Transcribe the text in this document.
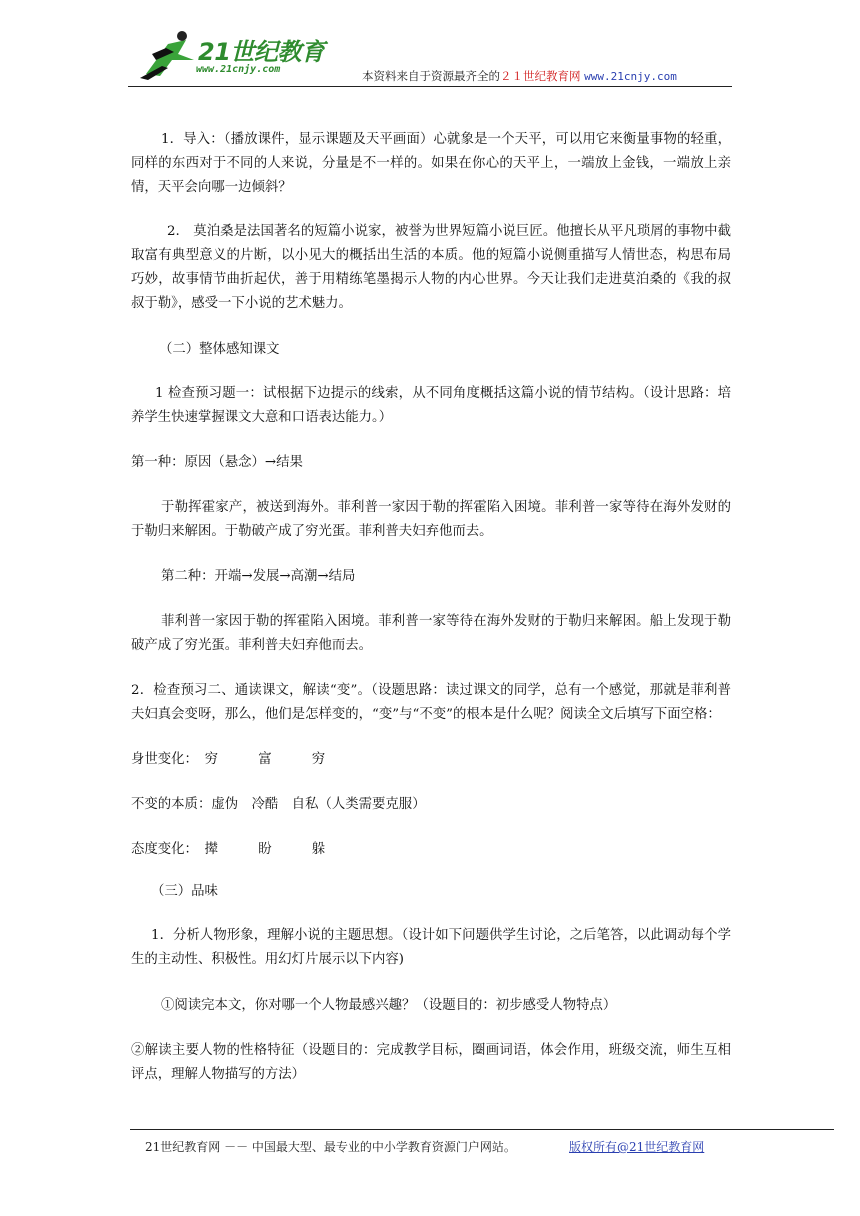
21世纪教育
www.21cnjy.com	本资料来自于资源最齐全的２１世纪教育网 www.21cnjy.com

1．导入：（播放课件，显示课题及天平画面）心就象是一个天平，可以用它来衡量事物的轻重，同样的东西对于不同的人来说，分量是不一样的。如果在你心的天平上，一端放上金钱，一端放上亲情，天平会向哪一边倾斜？

2.　莫泊桑是法国著名的短篇小说家，被誉为世界短篇小说巨匠。他擅长从平凡琐屑的事物中截取富有典型意义的片断，以小见大的概括出生活的本质。他的短篇小说侧重描写人情世态，构思布局巧妙，故事情节曲折起伏，善于用精练笔墨揭示人物的内心世界。今天让我们走进莫泊桑的《我的叔叔于勒》，感受一下小说的艺术魅力。

（二）整体感知课文

1 检查预习题一：试根据下边提示的线索，从不同角度概括这篇小说的情节结构。（设计思路：培养学生快速掌握课文大意和口语表达能力。）

第一种：原因（悬念）→结果

于勒挥霍家产，被送到海外。菲利普一家因于勒的挥霍陷入困境。菲利普一家等待在海外发财的于勒归来解困。于勒破产成了穷光蛋。菲利普夫妇弃他而去。

第二种：开端→发展→高潮→结局

菲利普一家因于勒的挥霍陷入困境。菲利普一家等待在海外发财的于勒归来解困。船上发现于勒破产成了穷光蛋。菲利普夫妇弃他而去。

2．检查预习二、通读课文，解读“变”。（设题思路：读过课文的同学，总有一个感觉，那就是菲利普夫妇真会变呀，那么，他们是怎样变的，“变”与“不变”的根本是什么呢？阅读全文后填写下面空格：

身世变化：　穷　　　富　　　穷

不变的本质：虚伪　冷酷　自私（人类需要克服）

态度变化：　撵　　　盼　　　躲

（三）品味

1．分析人物形象，理解小说的主题思想。（设计如下问题供学生讨论，之后笔答，以此调动每个学生的主动性、积极性。用幻灯片展示以下内容)

①阅读完本文，你对哪一个人物最感兴趣？（设题目的：初步感受人物特点）

②解读主要人物的性格特征（设题目的：完成教学目标，圈画词语，体会作用，班级交流，师生互相评点，理解人物描写的方法）

21世纪教育网 －－ 中国最大型、最专业的中小学教育资源门户网站。	版权所有@21世纪教育网
